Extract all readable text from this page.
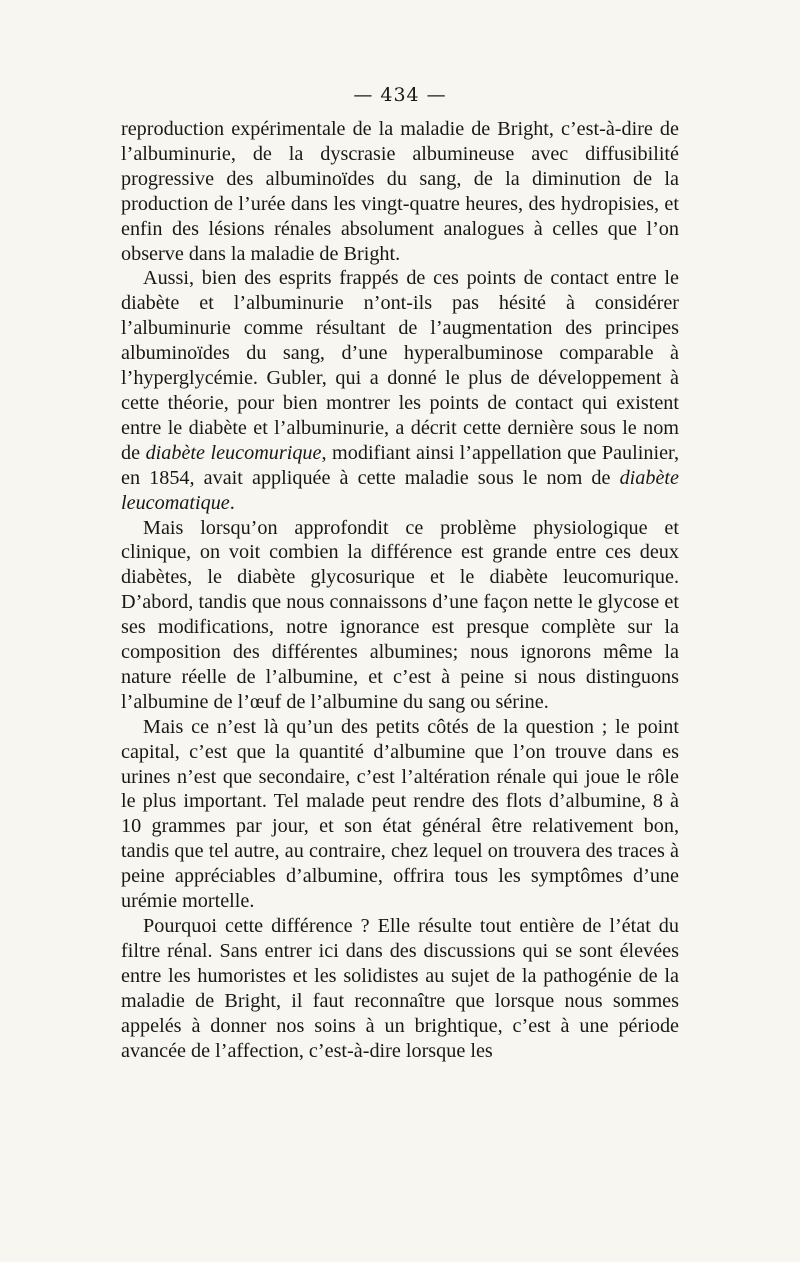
— 434 —

reproduction expérimentale de la maladie de Bright, c’est-à-dire de l’albuminurie, de la dyscrasie albumineuse avec diffusibilité progressive des albuminoïdes du sang, de la diminution de la production de l’urée dans les vingt-quatre heures, des hydropisies, et enfin des lésions rénales absolument analogues à celles que l’on observe dans la maladie de Bright.

Aussi, bien des esprits frappés de ces points de contact entre le diabète et l’albuminurie n’ont-ils pas hésité à considérer l’albuminurie comme résultant de l’augmentation des principes albuminoïdes du sang, d’une hyperalbuminose comparable à l’hyperglycémie. Gubler, qui a donné le plus de développement à cette théorie, pour bien montrer les points de contact qui existent entre le diabète et l’albuminurie, a décrit cette dernière sous le nom de diabète leucomurique, modifiant ainsi l’appellation que Paulinier, en 1854, avait appliquée à cette maladie sous le nom de diabète leucomatique.

Mais lorsqu’on approfondit ce problème physiologique et clinique, on voit combien la différence est grande entre ces deux diabètes, le diabète glycosurique et le diabète leucomurique. D’abord, tandis que nous connaissons d’une façon nette le glycose et ses modifications, notre ignorance est presque complète sur la composition des différentes albumines; nous ignorons même la nature réelle de l’albumine, et c’est à peine si nous distinguons l’albumine de l’œuf de l’albumine du sang ou sérine.

Mais ce n’est là qu’un des petits côtés de la question ; le point capital, c’est que la quantité d’albumine que l’on trouve dans es urines n’est que secondaire, c’est l’altération rénale qui joue le rôle le plus important. Tel malade peut rendre des flots d’albumine, 8 à 10 grammes par jour, et son état général être relativement bon, tandis que tel autre, au contraire, chez lequel on trouvera des traces à peine appréciables d’albumine, offrira tous les symptômes d’une urémie mortelle.

Pourquoi cette différence ? Elle résulte tout entière de l’état du filtre rénal. Sans entrer ici dans des discussions qui se sont élevées entre les humoristes et les solidistes au sujet de la pathogénie de la maladie de Bright, il faut reconnaître que lorsque nous sommes appelés à donner nos soins à un brightique, c’est à une période avancée de l’affection, c’est-à-dire lorsque les
